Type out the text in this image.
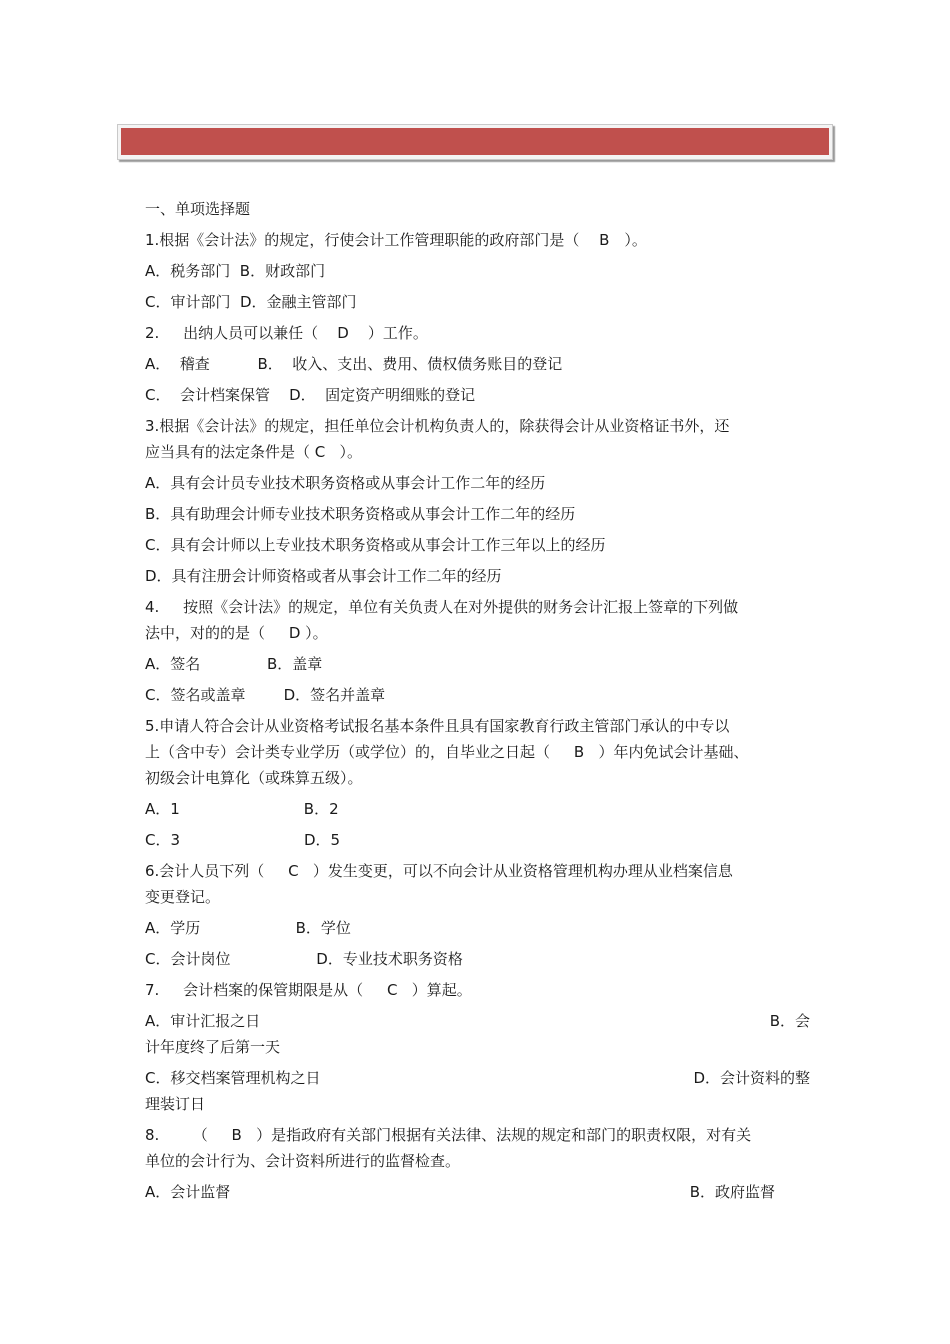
一、单项选择题
1.根据《会计法》的规定，行使会计工作管理职能的政府部门是（　 B　）。
A．税务部门  B．财政部门
C．审计部门  D．金融主管部门
2.     出纳人员可以兼任（    D    ）工作。
A．  稽查          B．  收入、支出、费用、债权债务账目的登记
C．  会计档案保管    D．  固定资产明细账的登记
3.根据《会计法》的规定，担任单位会计机构负责人的，除获得会计从业资格证书外，还
应当具有的法定条件是（ C   ）。
A．具有会计员专业技术职务资格或从事会计工作二年的经历
B．具有助理会计师专业技术职务资格或从事会计工作二年的经历
C．具有会计师以上专业技术职务资格或从事会计工作三年以上的经历
D．具有注册会计师资格或者从事会计工作二年的经历
4.     按照《会计法》的规定，单位有关负责人在对外提供的财务会计汇报上签章的下列做
法中，对的的是（     D ）。
A．签名              B．盖章
C．签名或盖章        D．签名并盖章
5.申请人符合会计从业资格考试报名基本条件且具有国家教育行政主管部门承认的中专以
上（含中专）会计类专业学历（或学位）的，自毕业之日起（     B   ）年内免试会计基础、
初级会计电算化（或珠算五级）。
A．1                          B．2
C．3                          D．5
6.会计人员下列（     C   ）发生变更，可以不向会计从业资格管理机构办理从业档案信息
变更登记。
A．学历                    B．学位
C．会计岗位                  D．专业技术职务资格
7.     会计档案的保管期限是从（     C   ）算起。
A．审计汇报之日	B．会
计年度终了后第一天
C．移交档案管理机构之日	D．会计资料的整
理装订日
8.       （     B   ）是指政府有关部门根据有关法律、法规的规定和部门的职责权限，对有关
单位的会计行为、会计资料所进行的监督检查。
A．会计监督	B．政府监督
